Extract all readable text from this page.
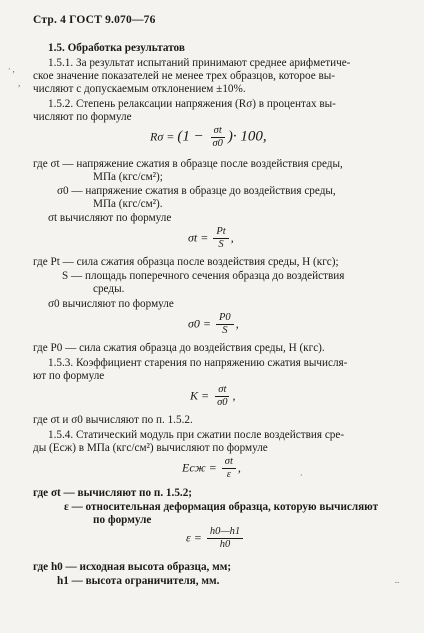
Стр. 4 ГОСТ 9.070—76
1.5. Обработка результатов
1.5.1. За результат испытаний принимают среднее арифметиче-
ское значение показателей не менее трех образцов, которое вы-
числяют с допускаемым отклонением ±10%.
1.5.2. Степень релаксации напряжения (Rσ) в процентах вы-
числяют по формуле
$R\sigma = (1 - \frac{\sigma t}{\sigma 0}$ )· 100,
где σt — напряжение сжатия в образце после воздействия среды,
МПа (кгс/см²);
σ0 — напряжение сжатия в образце до воздействия среды,
МПа (кгс/см²).
σt вычисляют по формуле
$\sigma t = \frac{Pt}{S}$ ,
где Pt — сила сжатия образца после воздействия среды, Н (кгс);
S — площадь поперечного сечения образца до воздействия
среды.
σ0 вычисляют по формуле
$\sigma 0 = \frac{P0}{S}$ ,
где P0 — сила сжатия образца до воздействия среды, Н (кгс).
1.5.3. Коэффициент старения по напряжению сжатия вычисля-
ют по формуле
$K = \frac{\sigma t}{\sigma 0}$ ,
где σt и σ0 вычисляют по п. 1.5.2.
1.5.4. Статический модуль при сжатии после воздействия сре-
ды (Eсж) в МПа (кгс/см²) вычисляют по формуле
Eсж = $\frac{\sigma t}{\varepsilon}$ ,
где σt — вычисляют по п. 1.5.2;
ε — относительная деформация образца, которую вычисляют
по формуле
$\varepsilon = \frac{h0—h1}{h0}$
где h0 — исходная высота образца, мм;
h1 — высота ограничителя, мм.
· ,
,
·
..
